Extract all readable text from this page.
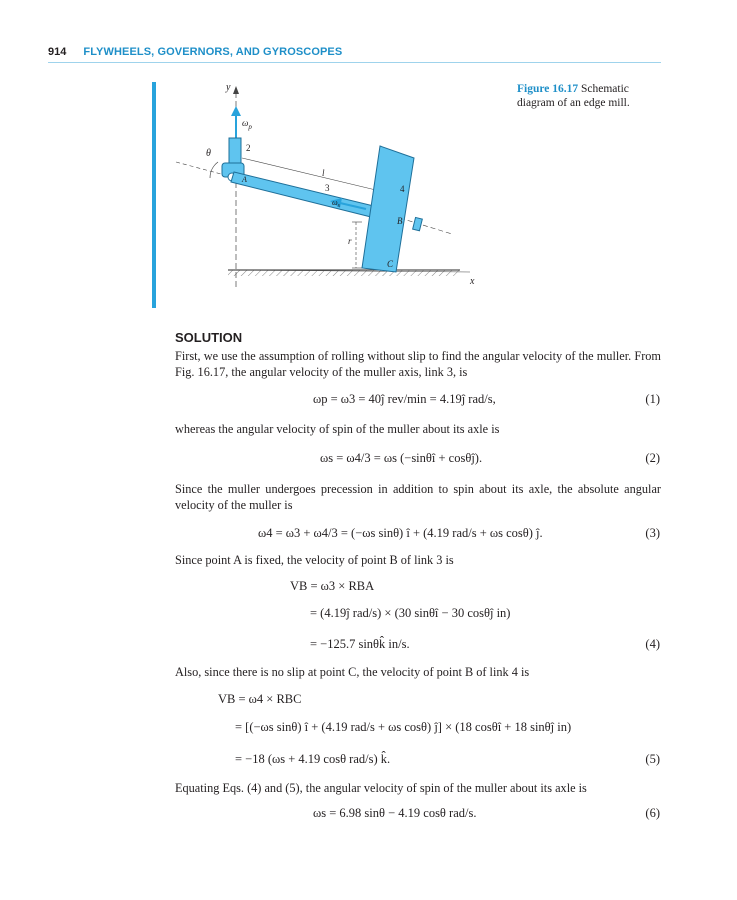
914 FLYWHEELS, GOVERNORS, AND GYROSCOPES
y
x
$\omega_p$
θ	2
l
3
$\omega_s$
4
A
B
C
r
Figure 16.17 Schematic diagram of an edge mill.
SOLUTION
First, we use the assumption of rolling without slip to find the angular velocity of the muller. From Fig. 16.17, the angular velocity of the muller axis, link 3, is
ωp = ω3 = 40ĵ rev/min = 4.19ĵ rad/s,	(1)
whereas the angular velocity of spin of the muller about its axle is
ωs = ω4/3 = ωs (−sinθî + cosθĵ).	(2)
Since the muller undergoes precession in addition to spin about its axle, the absolute angular velocity of the muller is
ω4 = ω3 + ω4/3 = (−ωs sinθ) î + (4.19 rad/s + ωs cosθ) ĵ.	(3)
Since point A is fixed, the velocity of point B of link 3 is
VB = ω3 × RBA
= (4.19ĵ rad/s) × (30 sinθî − 30 cosθĵ in)
= −125.7 sinθk̂ in/s.	(4)
Also, since there is no slip at point C, the velocity of point B of link 4 is
VB = ω4 × RBC
= [(−ωs sinθ) î + (4.19 rad/s + ωs cosθ) ĵ] × (18 cosθî + 18 sinθĵ in)
= −18 (ωs + 4.19 cosθ rad/s) k̂.	(5)
Equating Eqs. (4) and (5), the angular velocity of spin of the muller about its axle is
ωs = 6.98 sinθ − 4.19 cosθ rad/s.	(6)
